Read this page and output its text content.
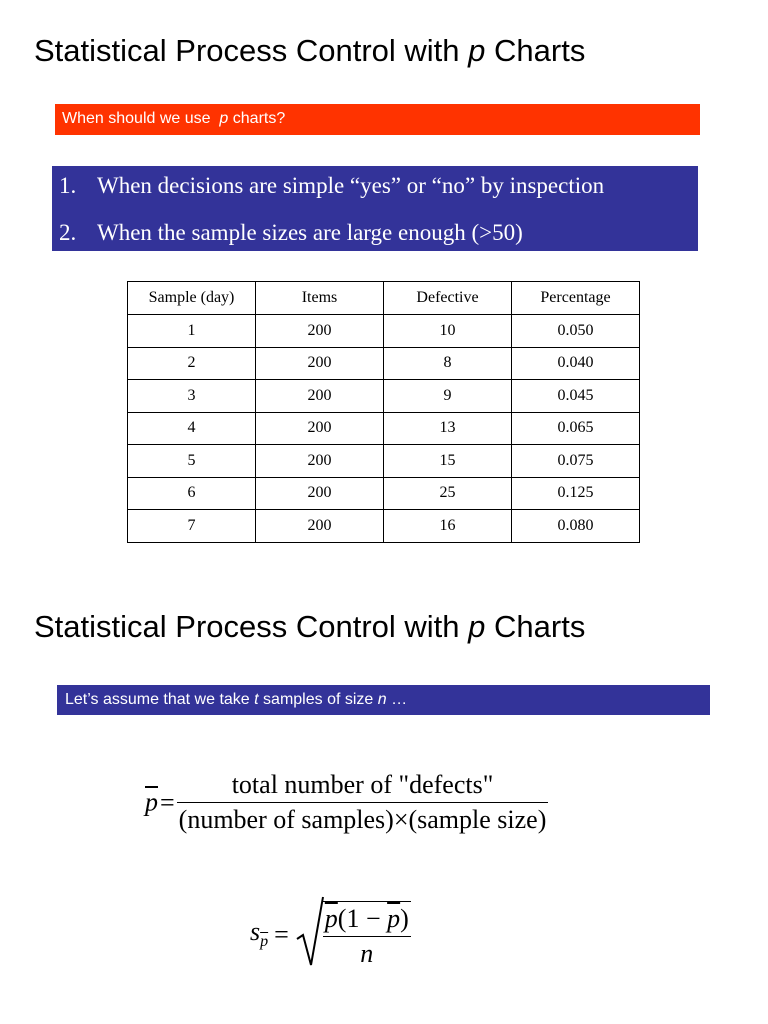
Statistical Process Control with p Charts
When should we use  p charts?
1. When decisions are simple “yes” or “no” by inspection
2. When the sample sizes are large enough (>50)
Sample (day)	Items	Defective	Percentage
1	200	10	0.050
2	200	8	0.040
3	200	9	0.045
4	200	13	0.065
5	200	15	0.075
6	200	25	0.125
7	200	16	0.080
Statistical Process Control with p Charts
Let’s assume that we take t samples of size n …
$\overline{p}= \frac{\text{total number of "defects"}}{\text{(number of samples)×(sample size)}}$
$s_{\overline{p}} = \frac{\overline{p}(1 - \overline{p})}{n}$
